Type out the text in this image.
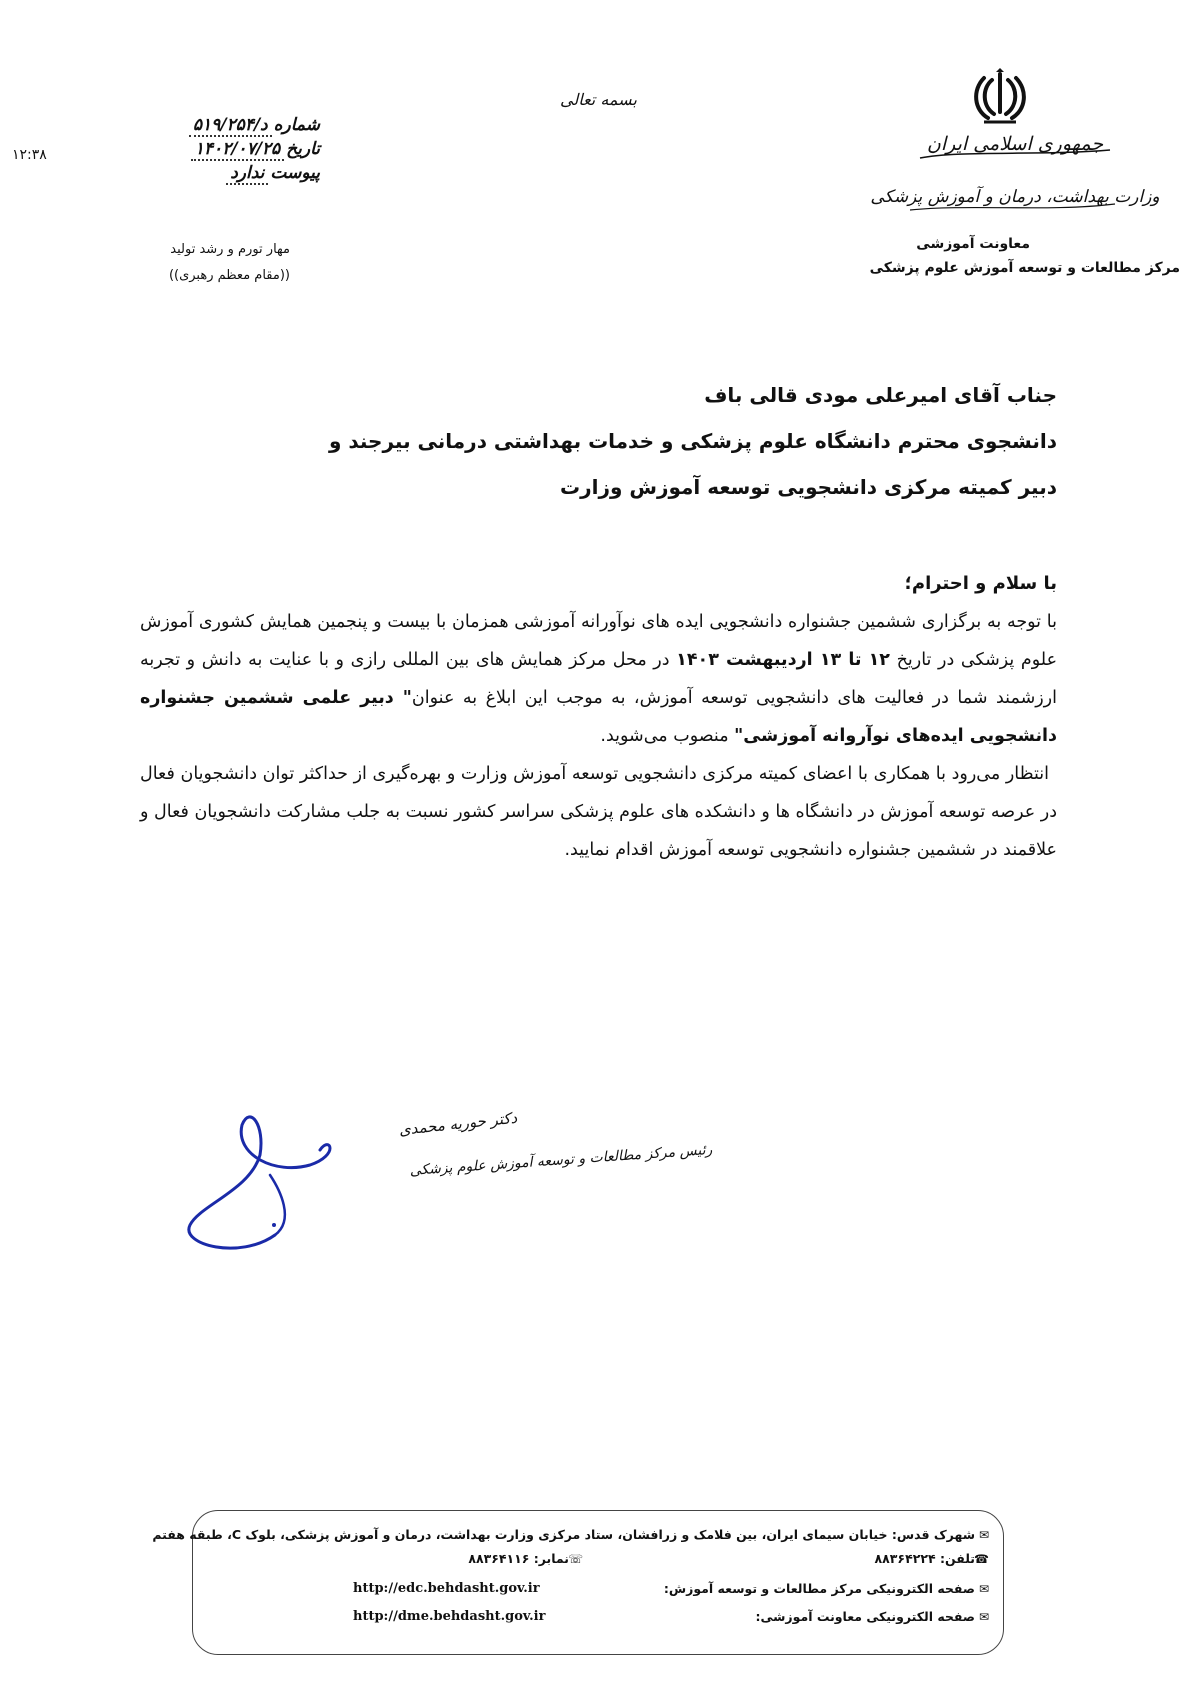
۱۲:۳۸	جمهوری اسلامی ایران
وزارت بهداشت، درمان و آموزش پزشکی
معاونت آموزشی
مرکز مطالعات و توسعه آموزش علوم پزشکی
بسمه تعالی
شماره
د/۵۱۹/۲۵۴
تاریخ
۱۴۰۲/۰۷/۲۵
پیوست
ندارد
مهار تورم و رشد تولید
((مقام معظم رهبری))
جناب آقای امیرعلی مودی قالی باف
دانشجوی محترم دانشگاه علوم پزشکی و خدمات بهداشتی درمانی بیرجند و
دبیر کمیته مرکزی دانشجویی توسعه آموزش وزارت
با سلام و احترام؛

با توجه به برگزاری ششمین جشنواره دانشجویی ایده های نوآورانه آموزشی همزمان با بیست و پنجمین همایش کشوری آموزش علوم پزشکی در تاریخ ۱۲ تا ۱۳ اردیبهشت ۱۴۰۳ در محل مرکز همایش های بین المللی رازی و با عنایت به دانش و تجربه ارزشمند شما در فعالیت های دانشجویی توسعه آموزش، به موجب این ابلاغ به عنوان" دبیر علمی ششمین جشنواره دانشجویی ایده‌های نوآروانه آموزشی" منصوب می‌شوید.

انتظار می‌رود با همکاری با اعضای کمیته مرکزی دانشجویی توسعه آموزش وزارت و بهره‌گیری از حداکثر توان دانشجویان فعال در عرصه توسعه آموزش در دانشگاه ها و دانشکده های علوم پزشکی سراسر کشور نسبت به جلب مشارکت دانشجویان فعال و علاقمند در ششمین جشنواره دانشجویی توسعه آموزش اقدام نمایید.

دکتر حوریه محمدی
رئیس مرکز مطالعات و توسعه آموزش علوم پزشکی
✉شهرک قدس: خیابان سیمای ایران، بین فلامک و زرافشان، ستاد مرکزی وزارت بهداشت، درمان و آموزش پزشکی، بلوک C، طبقه هفتم
☎تلفن: ۸۸۳۶۴۲۲۴
☏نمابر: ۸۸۳۶۴۱۱۶
✉صفحه الکترونیکی مرکز مطالعات و توسعه آموزش:
http://edc.behdasht.gov.ir
✉صفحه الکترونیکی معاونت آموزشی:
http://dme.behdasht.gov.ir
